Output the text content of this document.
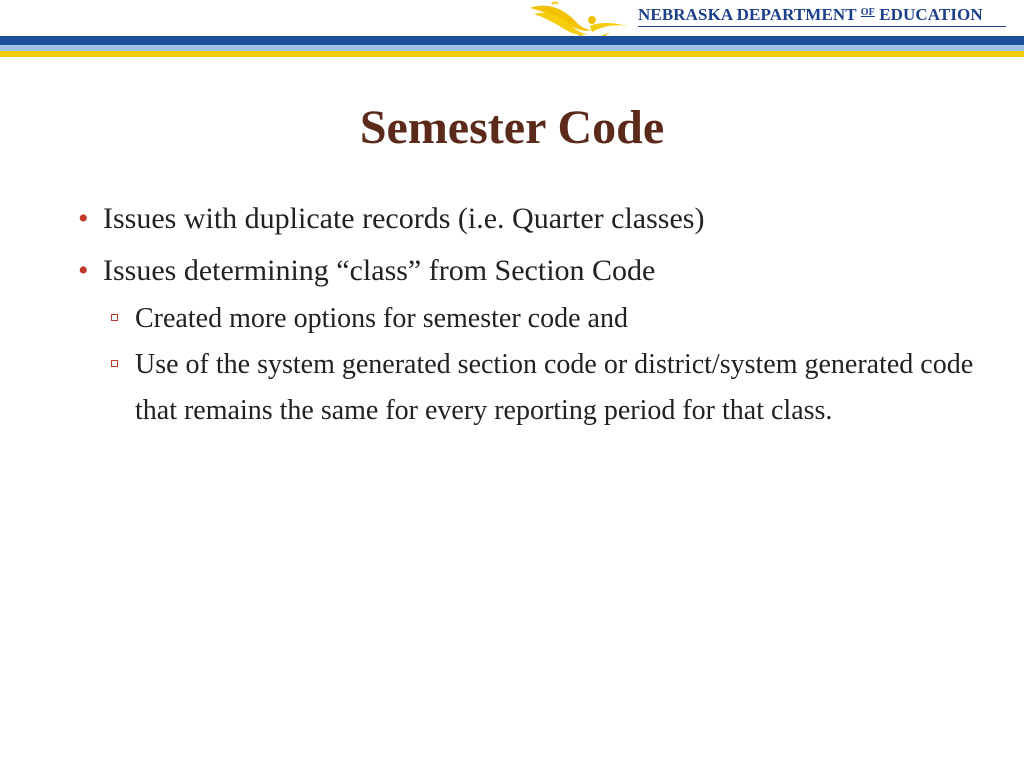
NEBRASKA DEPARTMENT $^{OF}$ EDUCATION
Semester Code
• Issues with duplicate records (i.e. Quarter classes)
• Issues determining “class” from Section Code
Created more options for semester code and
Use of the system generated section code or district/system generated code that remains the same for every reporting period for that class.
